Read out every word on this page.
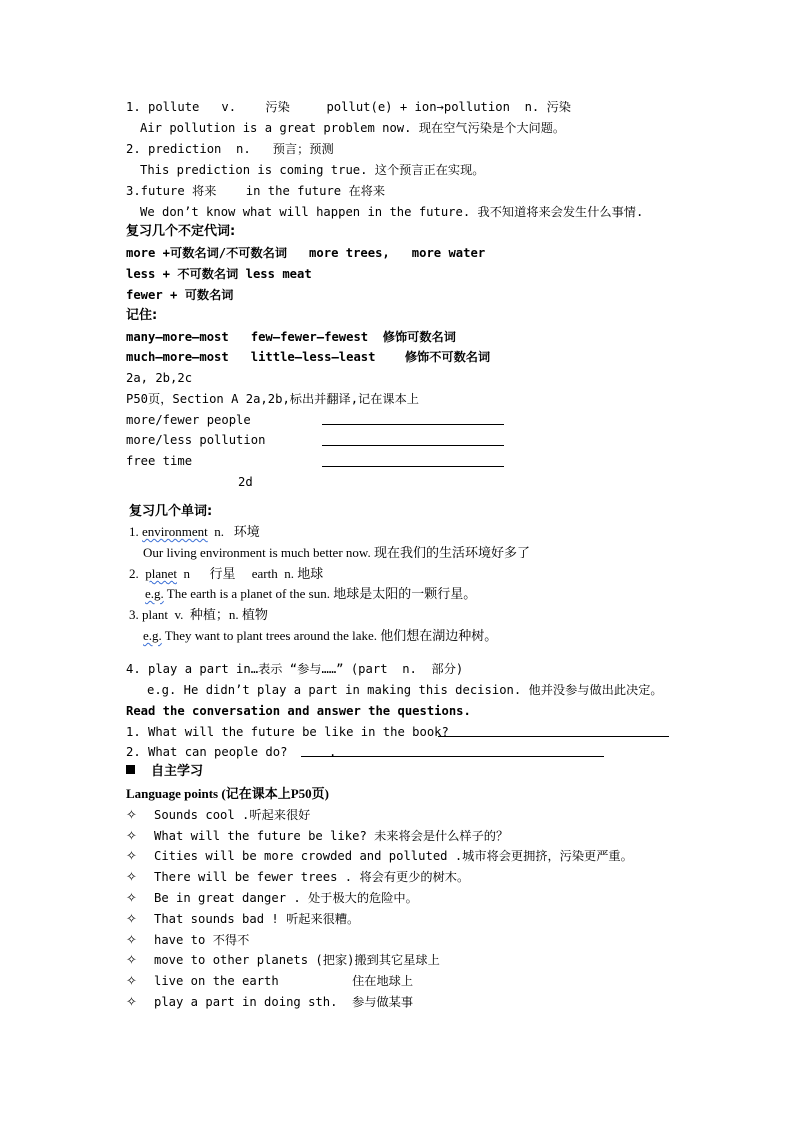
1. pollute   v.    污染     pollut(e) + ion→pollution  n. 污染
Air pollution is a great problem now. 现在空气污染是个大问题。
2. prediction  n.   预言；预测
This prediction is coming true. 这个预言正在实现。
3.future 将来    in the future 在将来
We don’t know what will happen in the future. 我不知道将来会发生什么事情.
复习几个不定代词:
more +可数名词/不可数名词   more trees,   more water
less + 不可数名词 less meat
fewer + 可数名词
记住:
many—more—most   few—fewer—fewest  修饰可数名词
much—more—most   little—less—least    修饰不可数名词
2a, 2b,2c
P50页，Section A 2a,2b,标出并翻译,记在课本上
more/fewer people
more/less pollution
free time
2d
复习几个单词:
1. environment  n.   环境
Our living environment is much better now. 现在我们的生活环境好多了
2.  planet  n      行星     earth  n. 地球
e.g. The earth is a planet of the sun. 地球是太阳的一颗行星。
3. plant  v.  种植；n. 植物
e.g. They want to plant trees around the lake. 他们想在湖边种树。
4. play a part in…表示 “参与……” (part  n.  部分)
e.g. He didn’t play a part in making this decision. 他并没参与做出此决定。
Read the conversation and answer the questions.
1. What will the future be like in the book?
2. What can people do?	.
自主学习
Language points (记在课本上P50页)
✧ Sounds cool .听起来很好
✧ What will the future be like? 未来将会是什么样子的？
✧ Cities will be more crowded and polluted .城市将会更拥挤，污染更严重。
✧ There will be fewer trees . 将会有更少的树木。
✧ Be in great danger . 处于极大的危险中。
✧ That sounds bad ! 听起来很糟。
✧ have to 不得不
✧ move to other planets (把家)搬到其它星球上
✧ live on the earth          住在地球上
✧ play a part in doing sth.  参与做某事
